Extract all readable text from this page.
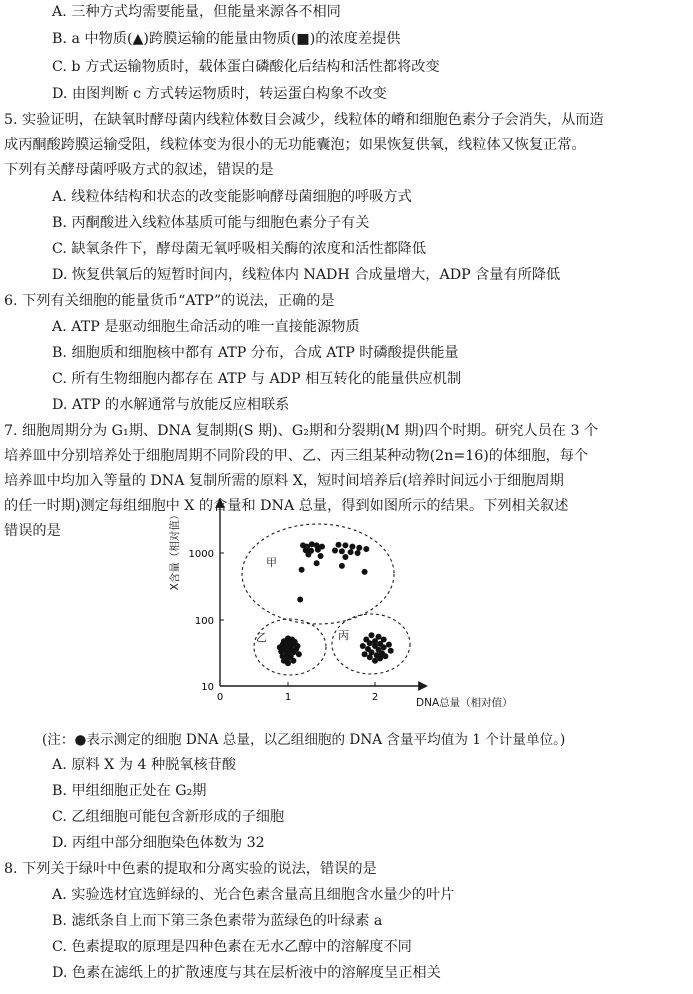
A. 三种方式均需要能量，但能量来源各不相同
B. a 中物质(▲)跨膜运输的能量由物质(■)的浓度差提供
C. b 方式运输物质时，载体蛋白磷酸化后结构和活性都将改变
D. 由图判断 c 方式转运物质时，转运蛋白构象不改变
5. 实验证明，在缺氧时酵母菌内线粒体数目会减少，线粒体的嵴和细胞色素分子会消失，从而造
成丙酮酸跨膜运输受阻，线粒体变为很小的无功能囊泡；如果恢复供氧，线粒体又恢复正常。
下列有关酵母菌呼吸方式的叙述，错误的是
A. 线粒体结构和状态的改变能影响酵母菌细胞的呼吸方式
B. 丙酮酸进入线粒体基质可能与细胞色素分子有关
C. 缺氧条件下，酵母菌无氧呼吸相关酶的浓度和活性都降低
D. 恢复供氧后的短暂时间内，线粒体内 NADH 合成量增大，ADP 含量有所降低
6. 下列有关细胞的能量货币“ATP”的说法，正确的是
A. ATP 是驱动细胞生命活动的唯一直接能源物质
B. 细胞质和细胞核中都有 ATP 分布，合成 ATP 时磷酸提供能量
C. 所有生物细胞内都存在 ATP 与 ADP 相互转化的能量供应机制
D. ATP 的水解通常与放能反应相联系
7. 细胞周期分为 G₁期、DNA 复制期(S 期)、G₂期和分裂期(M 期)四个时期。研究人员在 3 个
培养皿中分别培养处于细胞周期不同阶段的甲、乙、丙三组某种动物(2n=16)的体细胞，每个
培养皿中均加入等量的 DNA 复制所需的原料 X，短时间培养后(培养时间远小于细胞周期
的任一时期)测定每组细胞中 X 的含量和 DNA 总量，得到如图所示的结果。下列相关叙述
错误的是	X含量（相对值）
DNA总量（相对值）
10
100
1000
0	1	2
甲
乙	丙
(注：●表示测定的细胞 DNA 总量，以乙组细胞的 DNA 含量平均值为 1 个计量单位。)
A. 原料 X 为 4 种脱氧核苷酸
B. 甲组细胞正处在 G₂期
C. 乙组细胞可能包含新形成的子细胞
D. 丙组中部分细胞染色体数为 32
8. 下列关于绿叶中色素的提取和分离实验的说法，错误的是
A. 实验选材宜选鲜绿的、光合色素含量高且细胞含水量少的叶片
B. 滤纸条自上而下第三条色素带为蓝绿色的叶绿素 a
C. 色素提取的原理是四种色素在无水乙醇中的溶解度不同
D. 色素在滤纸上的扩散速度与其在层析液中的溶解度呈正相关
